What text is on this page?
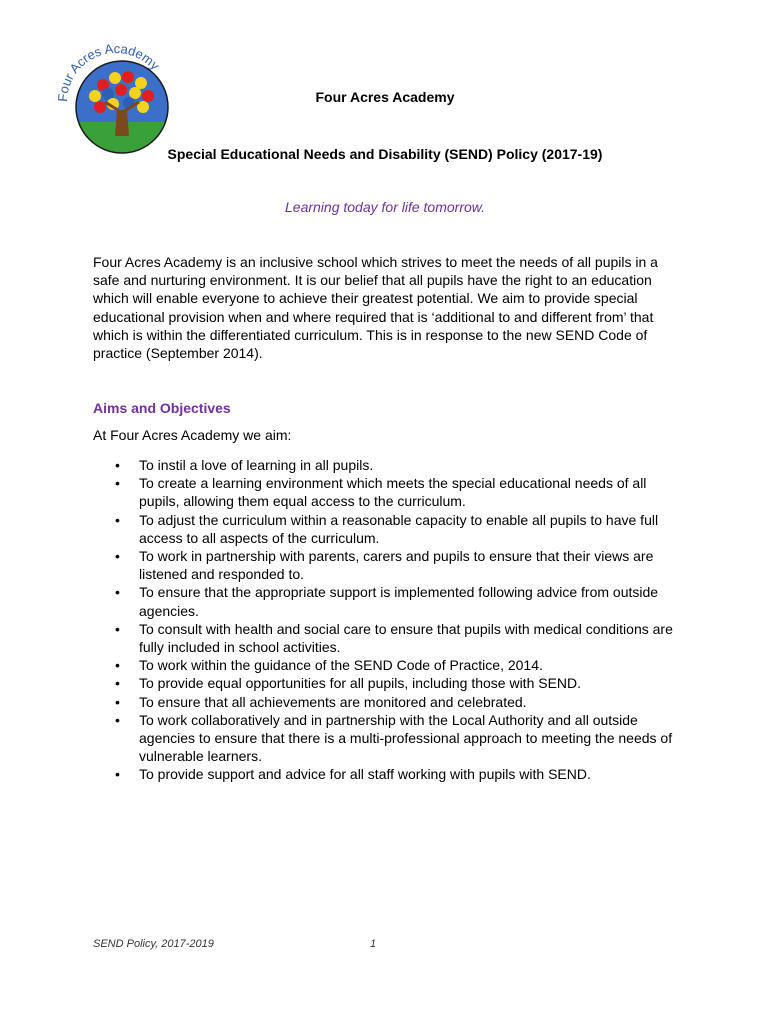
Four Acres Academy
Four Acres Academy
Special Educational Needs and Disability (SEND) Policy (2017-19)
Learning today for life tomorrow.

Four Acres Academy is an inclusive school which strives to meet the needs of all pupils in a safe and nurturing environment. It is our belief that all pupils have the right to an education which will enable everyone to achieve their greatest potential. We aim to provide special educational provision when and where required that is ‘additional to and different from’ that which is within the differentiated curriculum. This is in response to the new SEND Code of practice (September 2014).

Aims and Objectives

At Four Acres Academy we aim:

• To instil a love of learning in all pupils.
• To create a learning environment which meets the special educational needs of all pupils, allowing them equal access to the curriculum.
• To adjust the curriculum within a reasonable capacity to enable all pupils to have full access to all aspects of the curriculum.
• To work in partnership with parents, carers and pupils to ensure that their views are listened and responded to.
• To ensure that the appropriate support is implemented following advice from outside agencies.
• To consult with health and social care to ensure that pupils with medical conditions are fully included in school activities.
• To work within the guidance of the SEND Code of Practice, 2014.
• To provide equal opportunities for all pupils, including those with SEND.
• To ensure that all achievements are monitored and celebrated.
• To work collaboratively and in partnership with the Local Authority and all outside agencies to ensure that there is a multi-professional approach to meeting the needs of vulnerable learners.
• To provide support and advice for all staff working with pupils with SEND.
SEND Policy, 2017-2019	1
